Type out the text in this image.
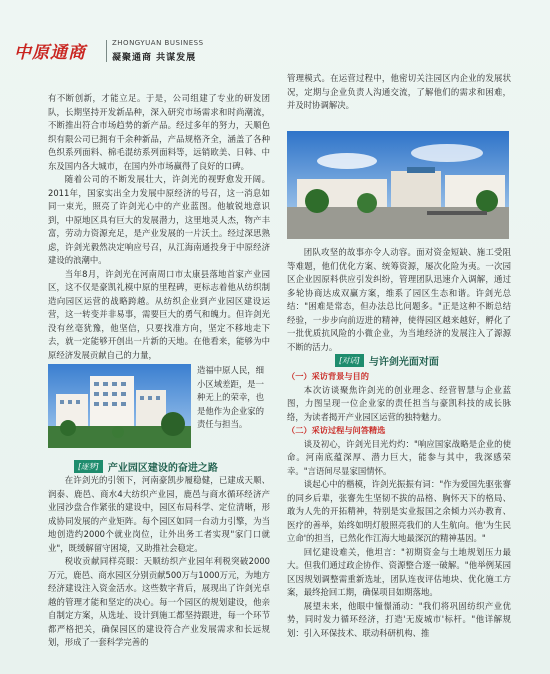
中原通商	ZHONGYUAN BUSINESS
凝聚通商 共谋发展

有不断创新，才能立足。于是，公司组建了专业的研发团队，长期坚持开发新品种，深入研究市场需求和时尚潮流，不断推出符合市场趋势的新产品。经过多年的努力，天顺色织有限公司已拥有千余种新品，产品规格齐全，涵盖了各种色织系列面料、棉毛混纺系列面料等，远销欧美、日韩、中东及国内各大城市，在国内外市场赢得了良好的口碑。

随着公司的不断发展壮大，许剑光的视野愈发开阔。2011年，国家实出全力发展中原经济的号召，这一消息如同一束光，照亮了许剑光心中的产业蓝图。他敏锐地意识到，中原地区具有巨大的发展潜力，这里地灵人杰，物产丰富，劳动力资源充足，是产业发展的一片沃土。经过深思熟虑，许剑光毅然决定响应号召，从江海南通投身于中原经济建设的浪潮中。

当年8月，许剑光在河南周口市太康县落地首家产业园区，这不仅是豪凯礼模中原的里程碑，更标志着他从纺织制造向园区运营的战略跨越。从纺织企业到产业园区建设运营，这一转变并非易事，需要巨大的勇气和魄力。但许剑光没有丝毫犹豫，他坚信，只要找准方向，坚定不移地走下去，就一定能够开创出一片新的天地。在他看来，能够为中原经济发展贡献自己的力量，

造福中原人民，细小区域差距，是一种无上的荣幸，也是他作为企业家的责任与担当。
[逐梦] 产业园区建设的奋进之路

在许剑光的引领下，河南豪凯步履稳健，已建成天顺、润泰、鹿邑、商水4大纺织产业园，鹿邑与商水循环经济产业园沙盘合作紧张的建设中，园区布局科学、定位清晰，形成协同发展的产业矩阵。每个园区如同一台动力引擎，为当地创造约2000个就业岗位，让外出务工者实现"家门口就业"，既缓解留守困境，又助推社会稳定。

税收贡献同样亮眼：天顺纺织产业园年利税突破2000万元，鹿邑、商水园区分别贡献500万与1000万元，为地方经济建设注入资金活水。这些数字背后，展现出了许剑光卓越的管理才能和坚定的决心。每一个园区的规划建设，他亲自制定方案，从选址、设计到施工都坚持跟进，每一个环节都严格把关，确保园区的建设符合产业发展需求和长远规划，形成了一套科学完善的

管理模式。在运营过程中，他密切关注园区内企业的发展状况，定期与企业负责人沟通交流，了解他们的需求和困难，并及时协调解决。

团队攻坚的故事亦令人动容。面对资金短缺、施工受阻等难题，他们优化方案、统筹资源，屡次化险为夷。一次园区企业因原料供应引发纠纷，管理团队迅速介入调解，通过多轮协商达成双赢方案，维系了园区生态和谐。许剑光总结："困难是常态，但办法总比问题多。"正是这种不断总结经验，一步步向前迈进的精神，使得园区越来越好，孵化了一批优质抗风险的小微企业，为当地经济的发展注入了源源不断的活力。

[对话] 与许剑光面对面
（一）采访背景与目的

本次访谈聚焦许剑光的创业理念、经营智慧与企业蓝图，力图呈现一位企业家的责任担当与豪凯科技的成长脉络，为读者揭开产业园区运营的独特魅力。

（二）采访过程与问答精选

谈及初心，许剑光目光灼灼："响应国家战略是企业的使命。河南底蕴深厚、潜力巨大，能参与其中，我深感荣幸。"言语间尽显家国情怀。

谈起心中的楷模，许剑光振振有词："作为爱国先驱张謇的同乡后辈，张謇先生坚韧不拔的品格、胸怀天下的格局、敢为人先的开拓精神，特别是实业报国之余倾力兴办教育、医疗的善举，始终如明灯般照亮我们的人生航向。他'为生民立命'的担当，已然化作江海大地最深沉的精神基因。"

回忆建设难关，他坦言："初期资金与土地规划压力最大。但我们通过政企协作、资源整合逐一破解。"他举例某园区因规划调整需重新选址，团队连夜评估地块、优化施工方案，最终抢回工期，确保项目如期落地。

展望未来，他眼中憧憬涌动："我们将巩固纺织产业优势，同时发力循环经济，打造'无废城市'标杆。"他详解规划：引入环保技术、联动科研机构、推
